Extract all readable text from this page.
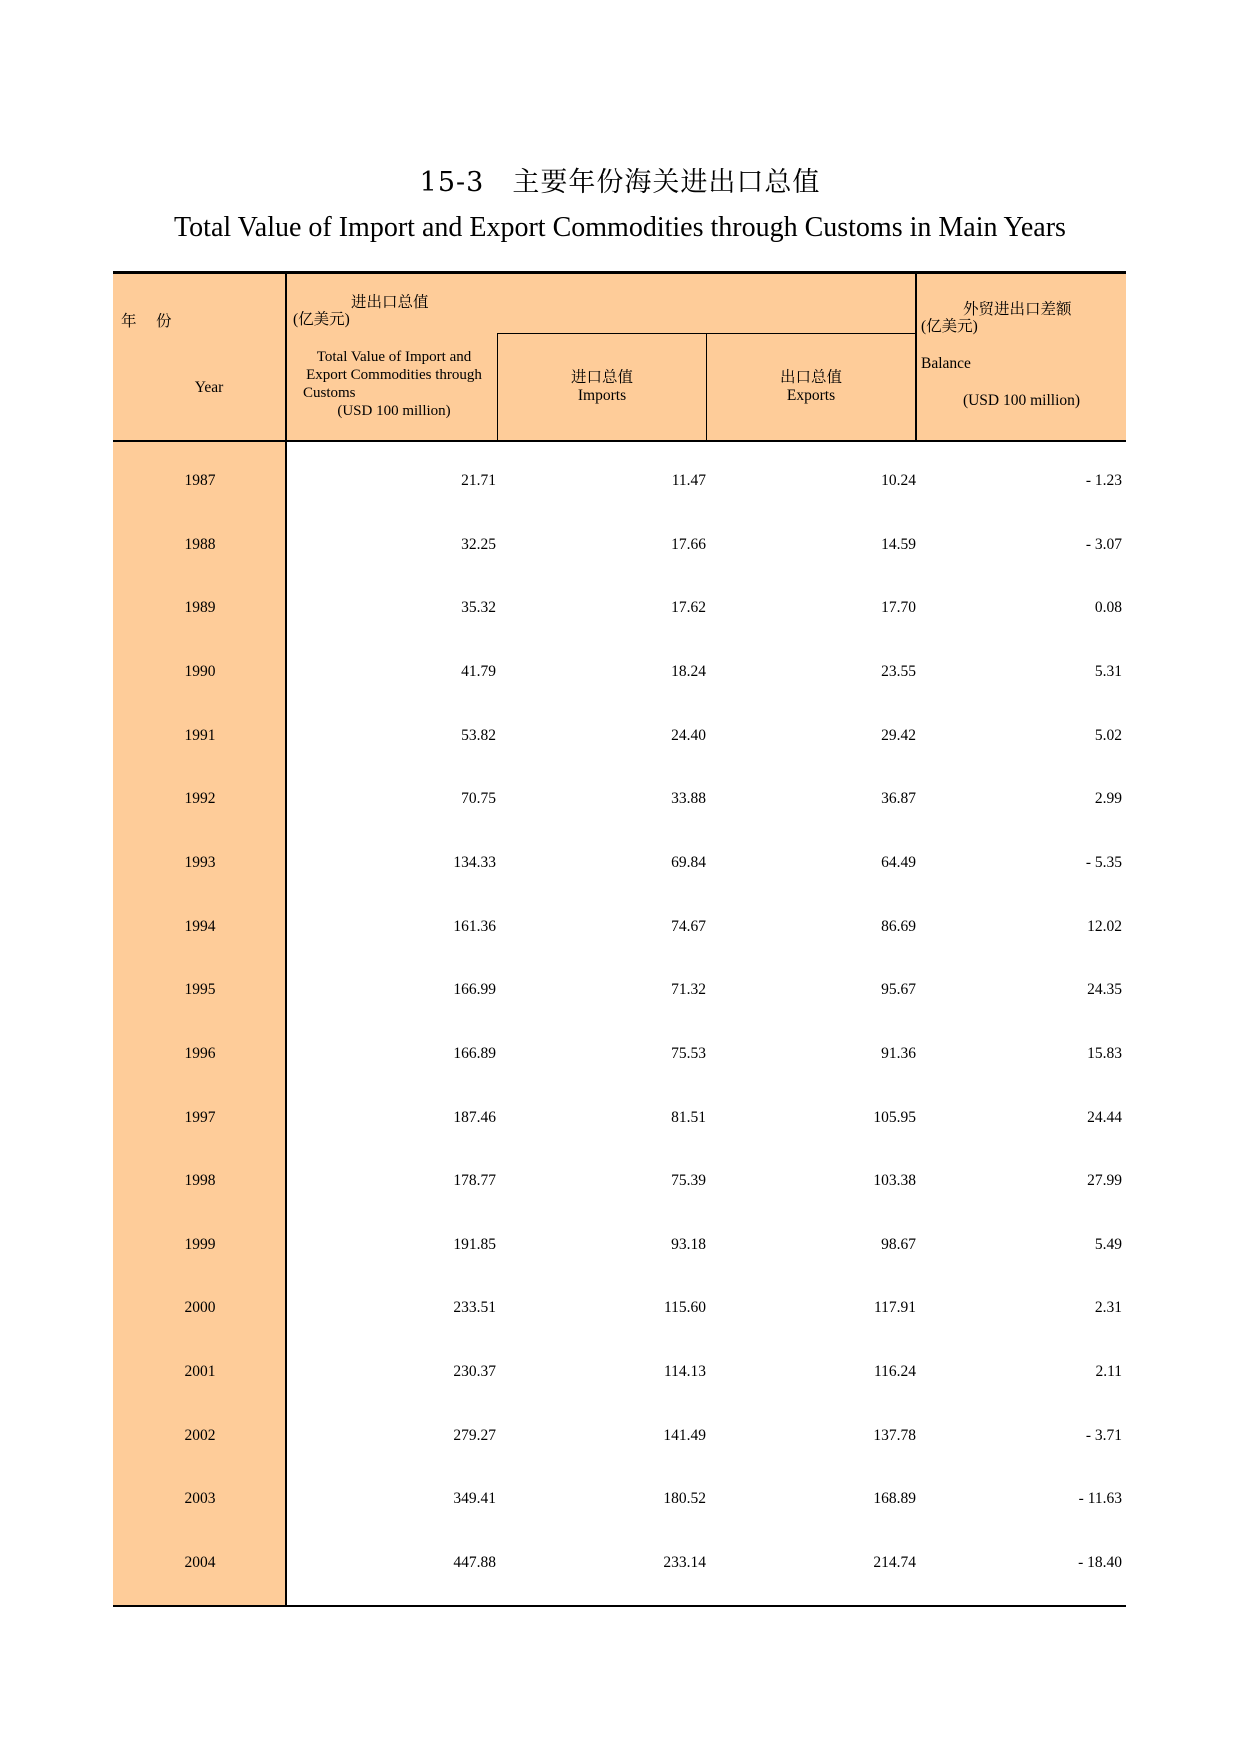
15-3　主要年份海关进出口总值
Total Value of Import and Export Commodities through Customs in Main Years
年　份
Year
进出口总值
(亿美元)
Total Value of Import and
Export Commodities through
Customs
(USD 100 million)
进口总值
Imports
出口总值
Exports
外贸进出口差额
(亿美元)
Balance
(USD 100 million)
1987	21.71	11.47	10.24	- 1.23
1988	32.25	17.66	14.59	- 3.07
1989	35.32	17.62	17.70	0.08
1990	41.79	18.24	23.55	5.31
1991	53.82	24.40	29.42	5.02
1992	70.75	33.88	36.87	2.99
1993	134.33	69.84	64.49	- 5.35
1994	161.36	74.67	86.69	12.02
1995	166.99	71.32	95.67	24.35
1996	166.89	75.53	91.36	15.83
1997	187.46	81.51	105.95	24.44
1998	178.77	75.39	103.38	27.99
1999	191.85	93.18	98.67	5.49
2000	233.51	115.60	117.91	2.31
2001	230.37	114.13	116.24	2.11
2002	279.27	141.49	137.78	- 3.71
2003	349.41	180.52	168.89	- 11.63
2004	447.88	233.14	214.74	- 18.40
